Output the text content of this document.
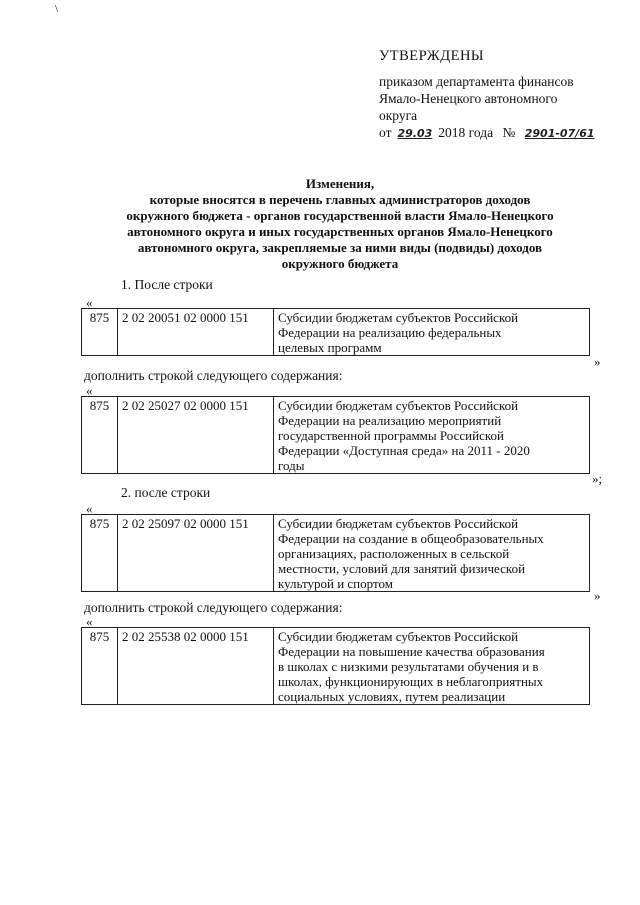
\
УТВЕРЖДЕНЫ
приказом департамента финансов
Ямало-Ненецкого автономного
округа
от 29.03 2018 года № 2901-07/61
Изменения,
которые вносятся в перечень главных администраторов доходов
окружного бюджета - органов государственной власти Ямало-Ненецкого
автономного округа и иных государственных органов Ямало-Ненецкого
автономного округа, закрепляемые за ними виды (подвиды) доходов
окружного бюджета
1. После строки
«
875	2 02 20051 02 0000 151	Субсидии бюджетам субъектов Российской
Федерации на реализацию федеральных
целевых программ
»
дополнить строкой следующего содержания:
«
875	2 02 25027 02 0000 151	Субсидии бюджетам субъектов Российской
Федерации на реализацию мероприятий
государственной программы Российской
Федерации «Доступная среда» на 2011 - 2020
годы
»;
2. после строки
«
875	2 02 25097 02 0000 151	Субсидии бюджетам субъектов Российской
Федерации на создание в общеобразовательных
организациях, расположенных в сельской
местности, условий для занятий физической
культурой и спортом
»
дополнить строкой следующего содержания:
«
875	2 02 25538 02 0000 151	Субсидии бюджетам субъектов Российской
Федерации на повышение качества образования
в школах с низкими результатами обучения и в
школах, функционирующих в неблагоприятных
социальных условиях, путем реализации
